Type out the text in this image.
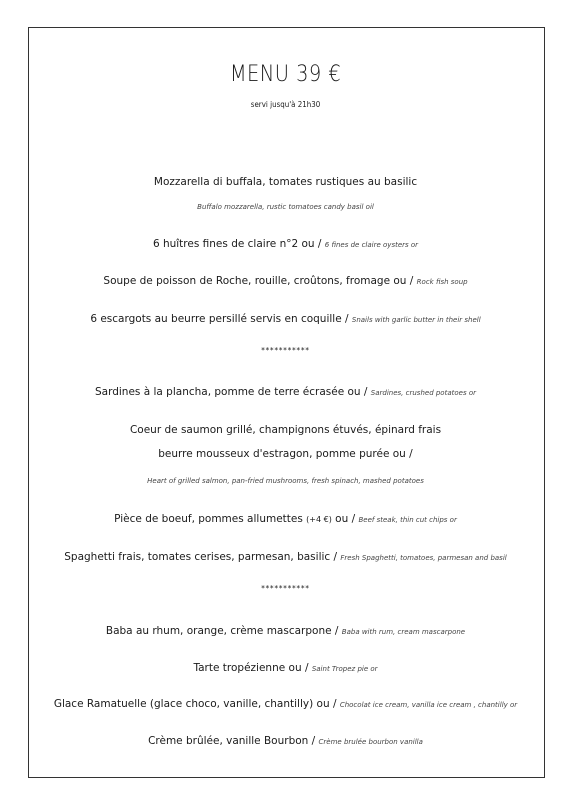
MENU 39 €
servi jusqu'à 21h30
Mozzarella di buffala, tomates rustiques au basilic
Buffalo mozzarella, rustic tomatoes candy basil oil
6 huîtres fines de claire n°2 ou / 6 fines de claire oysters or
Soupe de poisson de Roche, rouille, croûtons, fromage ou / Rock fish soup
6 escargots au beurre persillé servis en coquille / Snails with garlic butter in their shell
***********
Sardines à la plancha, pomme de terre écrasée ou / Sardines, crushed potatoes or
Coeur de saumon grillé, champignons étuvés, épinard frais
beurre mousseux d'estragon, pomme purée ou /
Heart of grilled salmon, pan-fried mushrooms, fresh spinach, mashed potatoes
Pièce de boeuf, pommes allumettes (+4 €) ou / Beef steak, thin cut chips or
Spaghetti frais, tomates cerises, parmesan, basilic / Fresh Spaghetti, tomatoes, parmesan and basil
***********
Baba au rhum, orange, crème mascarpone / Baba with rum, cream mascarpone
Tarte tropézienne ou / Saint Tropez pie or
Glace Ramatuelle (glace choco, vanille, chantilly) ou / Chocolat ice cream, vanilla ice cream , chantilly or
Crème brûlée, vanille Bourbon / Crème brulée bourbon vanilla
